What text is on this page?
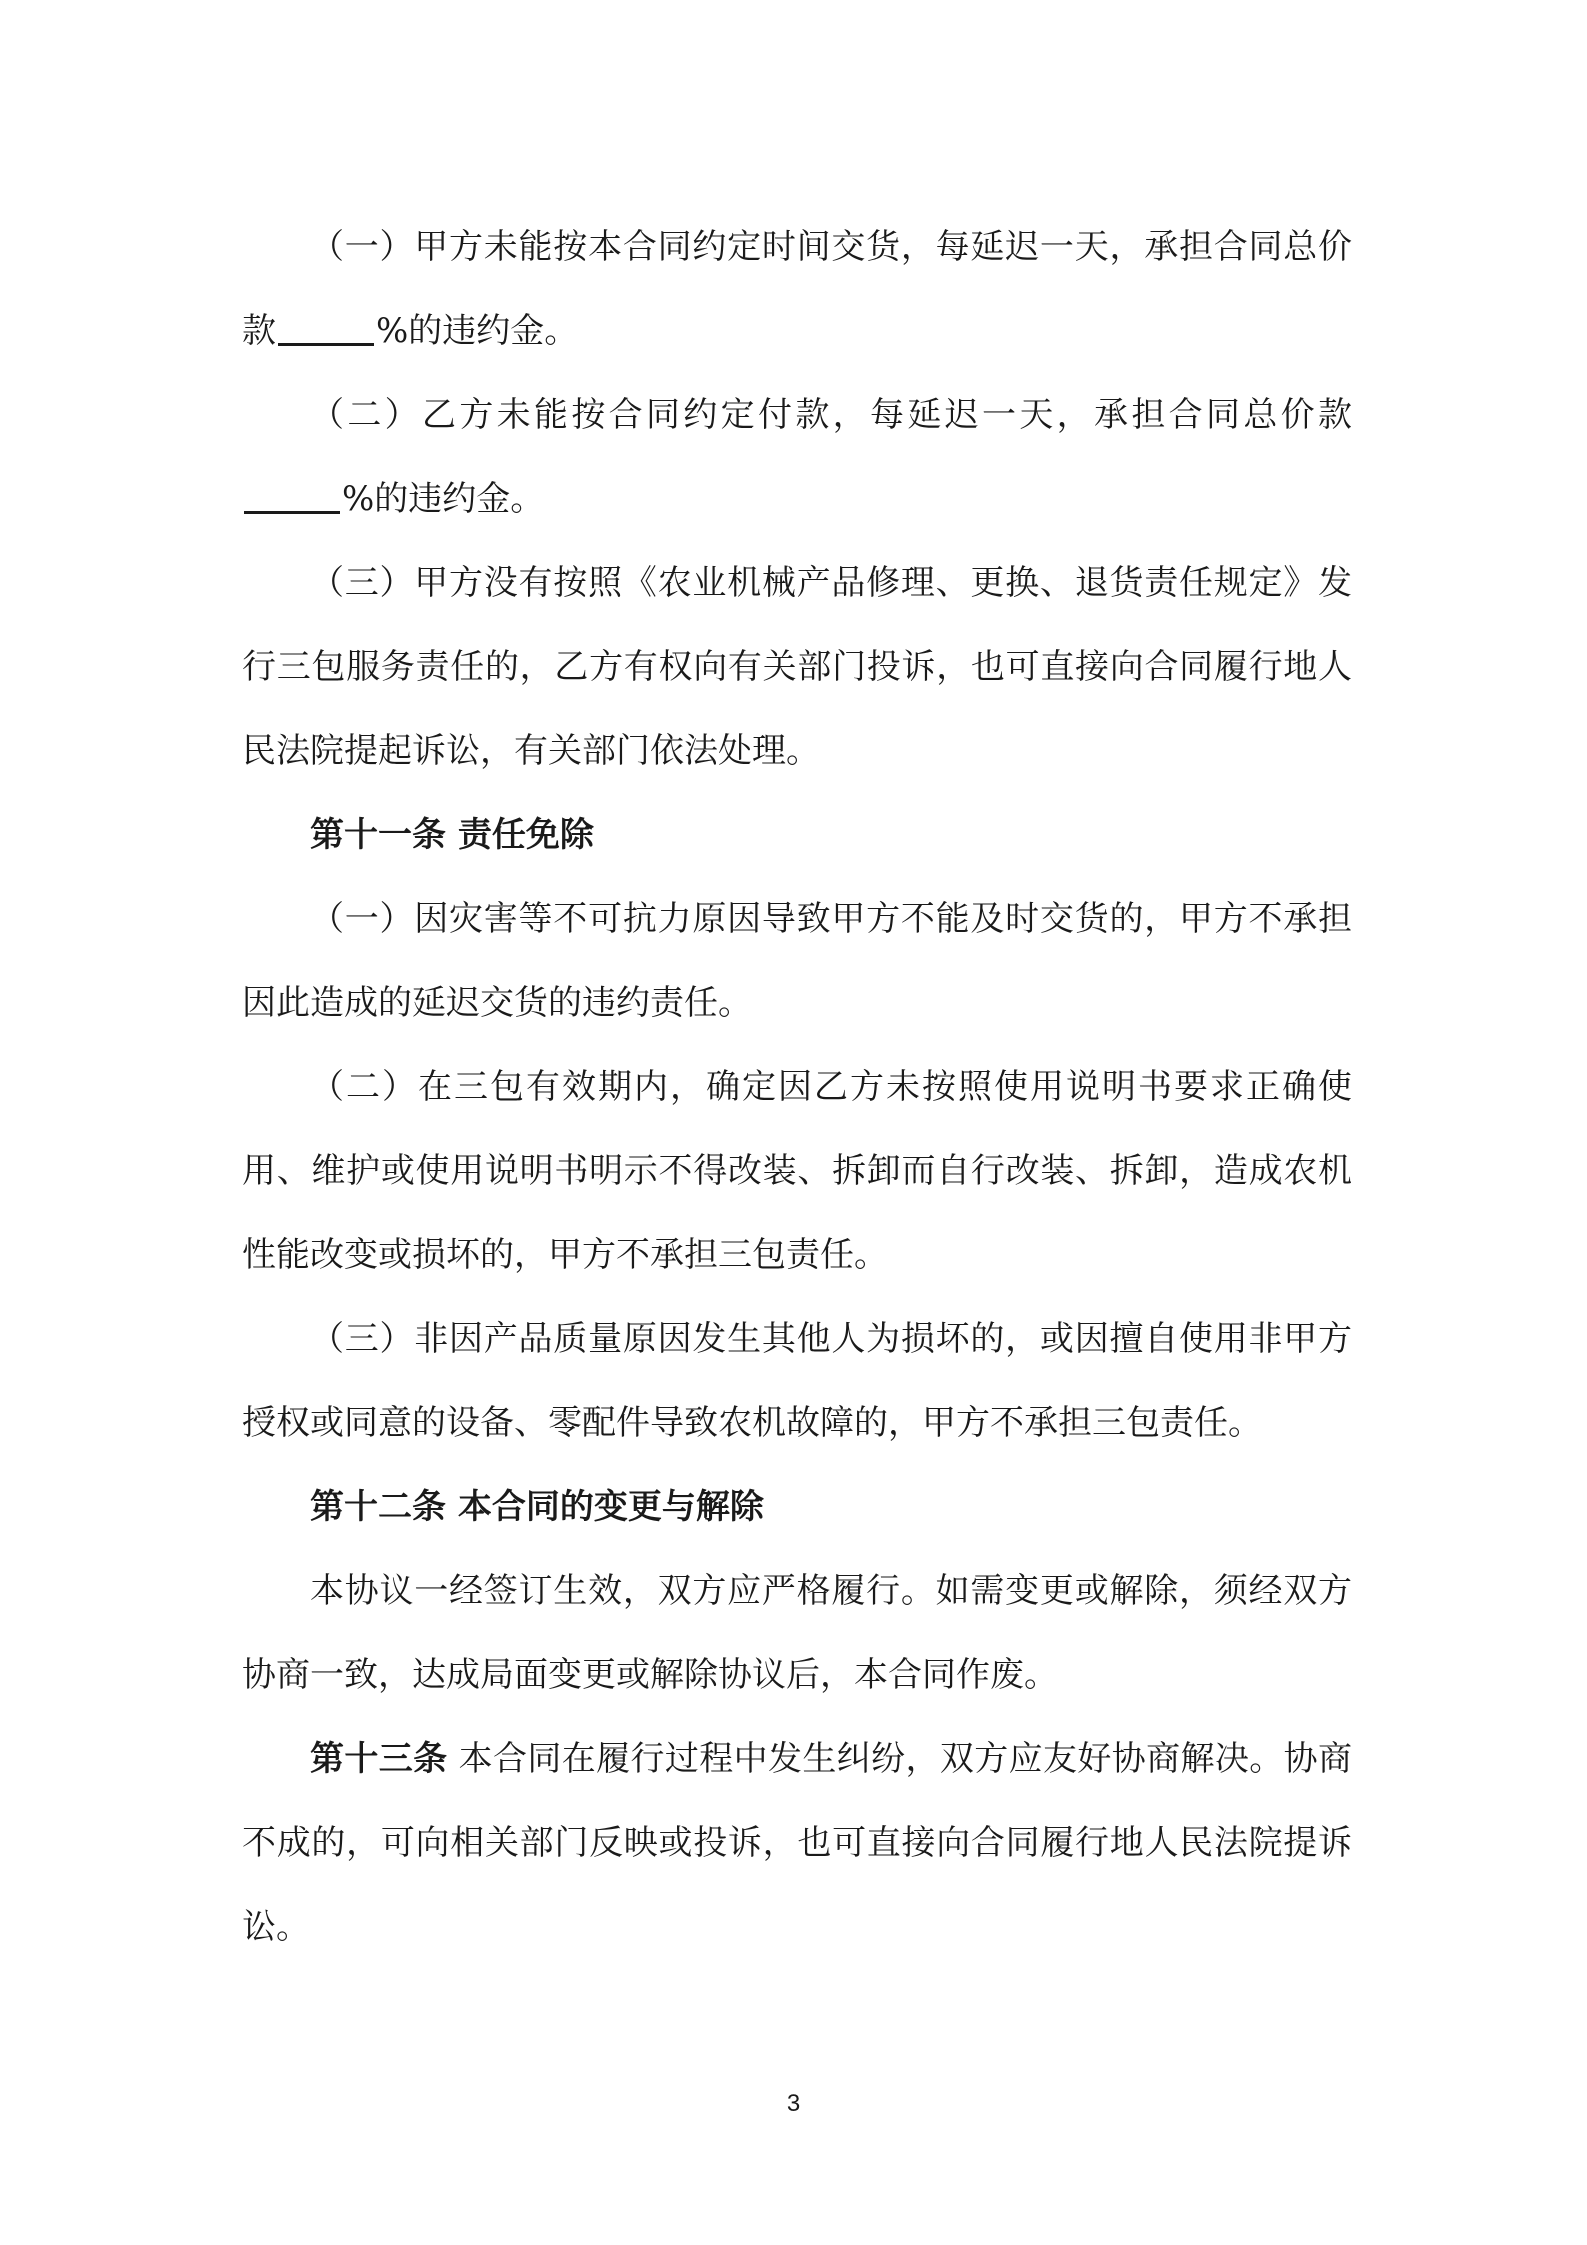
（一）甲方未能按本合同约定时间交货，每延迟一天，承担合同总价款	%的违约金。

（二）乙方未能按合同约定付款，每延迟一天，承担合同总价款%的违约金。

（三）甲方没有按照《农业机械产品修理、更换、退货责任规定》发行三包服务责任的，乙方有权向有关部门投诉，也可直接向合同履行地人民法院提起诉讼，有关部门依法处理。

第十一条 责任免除

（一）因灾害等不可抗力原因导致甲方不能及时交货的，甲方不承担因此造成的延迟交货的违约责任。

（二）在三包有效期内，确定因乙方未按照使用说明书要求正确使用、维护或使用说明书明示不得改装、拆卸而自行改装、拆卸，造成农机性能改变或损坏的，甲方不承担三包责任。

（三）非因产品质量原因发生其他人为损坏的，或因擅自使用非甲方授权或同意的设备、零配件导致农机故障的，甲方不承担三包责任。

第十二条 本合同的变更与解除

本协议一经签订生效，双方应严格履行。如需变更或解除，须经双方协商一致，达成局面变更或解除协议后，本合同作废。

第十三条 本合同在履行过程中发生纠纷，双方应友好协商解决。协商不成的，可向相关部门反映或投诉，也可直接向合同履行地人民法院提诉讼。

3
